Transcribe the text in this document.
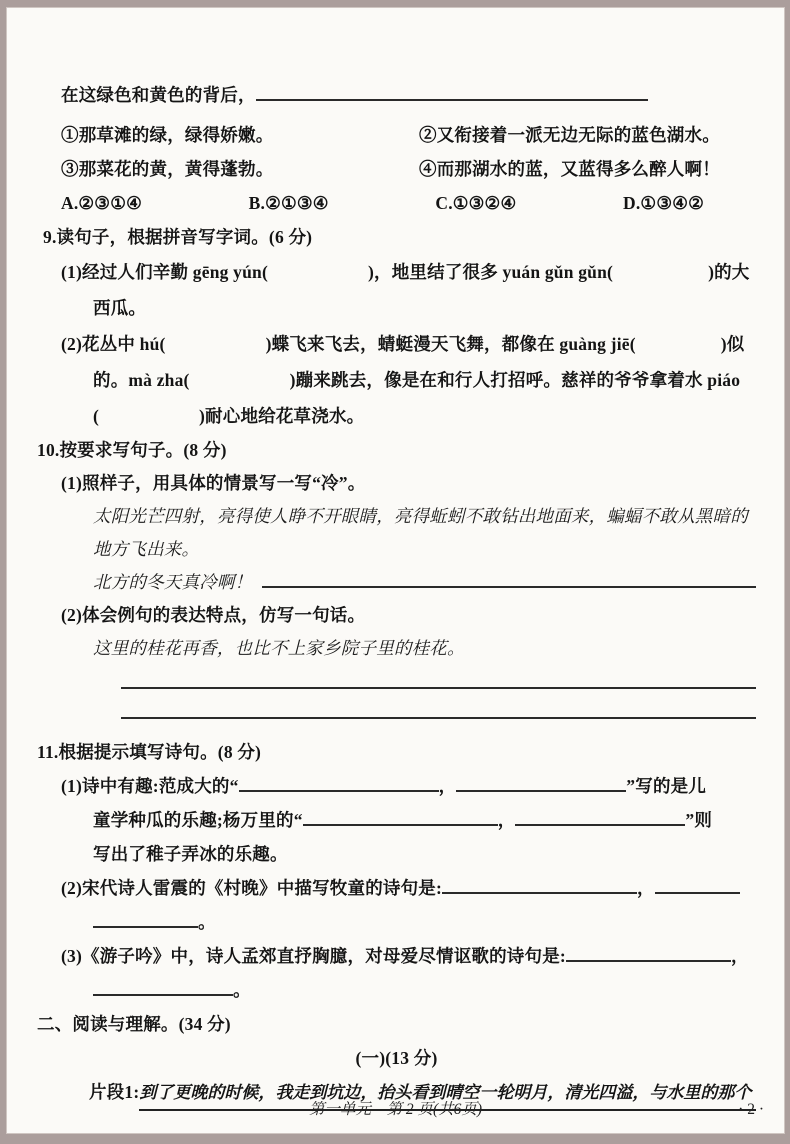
在这绿色和黄色的背后，
①那草滩的绿，绿得娇嫩。	②又衔接着一派无边无际的蓝色湖水。
③那菜花的黄，黄得蓬勃。	④而那湖水的蓝，又蓝得多么醉人啊！
A.②③①④	B.②①③④	C.①③②④	D.①③④②
9.读句子，根据拼音写字词。(6 分)
(1)经过人们辛勤 gēng yún(	)，地里结了很多 yuán gǔn gǔn(	)的大
西瓜。
(2)花丛中 hú(	)蝶飞来飞去，蜻蜓漫天飞舞，都像在 guàng jiē(	)似
的。mà zha(	)蹦来跳去，像是在和行人打招呼。慈祥的爷爷拿着水 piáo
(	)耐心地给花草浇水。
10.按要求写句子。(8 分)
(1)照样子，用具体的情景写一写“冷”。
太阳光芒四射，亮得使人睁不开眼睛，亮得蚯蚓不敢钻出地面来，蝙蝠不敢从黑暗的
地方飞出来。
北方的冬天真冷啊！
(2)体会例句的表达特点，仿写一句话。
这里的桂花再香，也比不上家乡院子里的桂花。
11.根据提示填写诗句。(8 分)
(1)诗中有趣:范成大的“	，	”写的是儿
童学种瓜的乐趣;杨万里的“	，	”则
写出了稚子弄冰的乐趣。
(2)宋代诗人雷震的《村晚》中描写牧童的诗句是:	，
。
(3)《游子吟》中，诗人孟郊直抒胸臆，对母爱尽情讴歌的诗句是:	，
。
二、阅读与理解。(34 分)
(一)(13 分)
片段1: 到了更晚的时候，我走到坑边，抬头看到晴空一轮明月，清光四溢，与水里的那个
第一单元　第 2 页(共6页)	· 2 ·
